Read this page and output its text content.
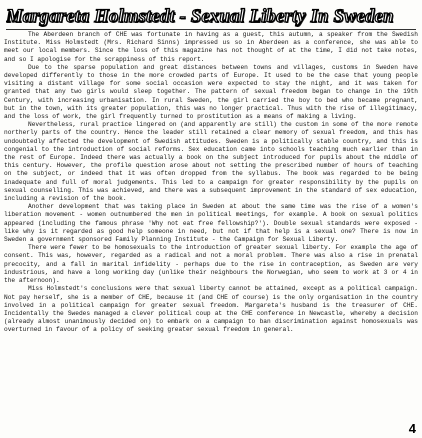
Margareta Holmstedt - Sexual Liberty In Sweden

The Aberdeen branch of CHE was fortunate in having as a guest, this autumn, a speaker from the Swedish Institute. Miss Holmstedt (Mrs. Richard Sinns) impressed us so in Aberdeen as a conference, she was able to meet our local members. Since the loss of this magazine has not thought of at the time, I did not take notes, and so I apologise for the scrappiness of this report.

Due to the sparse population and great distances between towns and villages, customs in Sweden have developed differently to those in the more crowded parts of Europe. It used to be the case that young people visiting a distant village for some social occasion were expected to stay the night, and it was taken for granted that any two girls would sleep together. The pattern of sexual freedom began to change in the 19th Century, with increasing urbanisation. In rural Sweden, the girl carried the boy to bed who became pregnant, but in the town, with its greater population, this was no longer practical. Thus with the rise of illegitimacy, and the loss of work, the girl frequently turned to prostitution as a means of making a living.

Nevertheless, rural practice lingered on (and apparently are still) the custom in some of the more remote northerly parts of the country. Hence the leader still retained a clear memory of sexual freedom, and this has undoubtedly affected the development of Swedish attitudes. Sweden is a politically stable country, and this is congenial to the introduction of social reforms. Sex education came into schools teaching much earlier than in the rest of Europe. Indeed there was actually a book on the subject introduced for pupils about the middle of this century. However, the profile question arose about not setting the prescribed number of hours of teaching on the subject, or indeed that it was often dropped from the syllabus. The book was regarded to be being inadequate and full of moral judgements. This led to a campaign for greater responsibility by the pupils on sexual counselling. This was achieved, and there was a subsequent improvement in the standard of sex education, including a revision of the book.

Another development that was taking place in Sweden at about the same time was the rise of a women's liberation movement - women outnumbered the men in political meetings, for example. A book on sexual politics appeared (including the famous phrase 'Why not eat free fellowship?'). Double sexual standards were exposed - like why is it regarded as good help someone in need, but not if that help is a sexual one? There is now in Sweden a government sponsored Family Planning Institute - the Campaign for Sexual Liberty.

There were fewer to be homosexuals to the introduction of greater sexual liberty. For example the age of consent. This was, however, regarded as a radical and not a moral problem. There was also a rise in prenatal precocity, and a fall in marital infidelity - perhaps due to the rise in contraception, as Sweden are very industrious, and have a long working day (unlike their neighbours the Norwegian, who seem to work at 3 or 4 in the afternoon).

Miss Holmstedt's conclusions were that sexual liberty cannot be attained, except as a political campaign. Not pay herself, she is a member of CHE, because it (and CHE of course) is the only organisation in the country involved in a political campaign for greater sexual freedom. Margareta's husband is the treasurer of CHE. Incidentally the Swedes managed a clever political coup at the CHE conference in Newcastle, whereby a decision (already almost unanimously decided on) to embark on a campaign to ban discrimination against homosexuals was overturned in favour of a policy of seeking greater sexual freedom in general.

4
